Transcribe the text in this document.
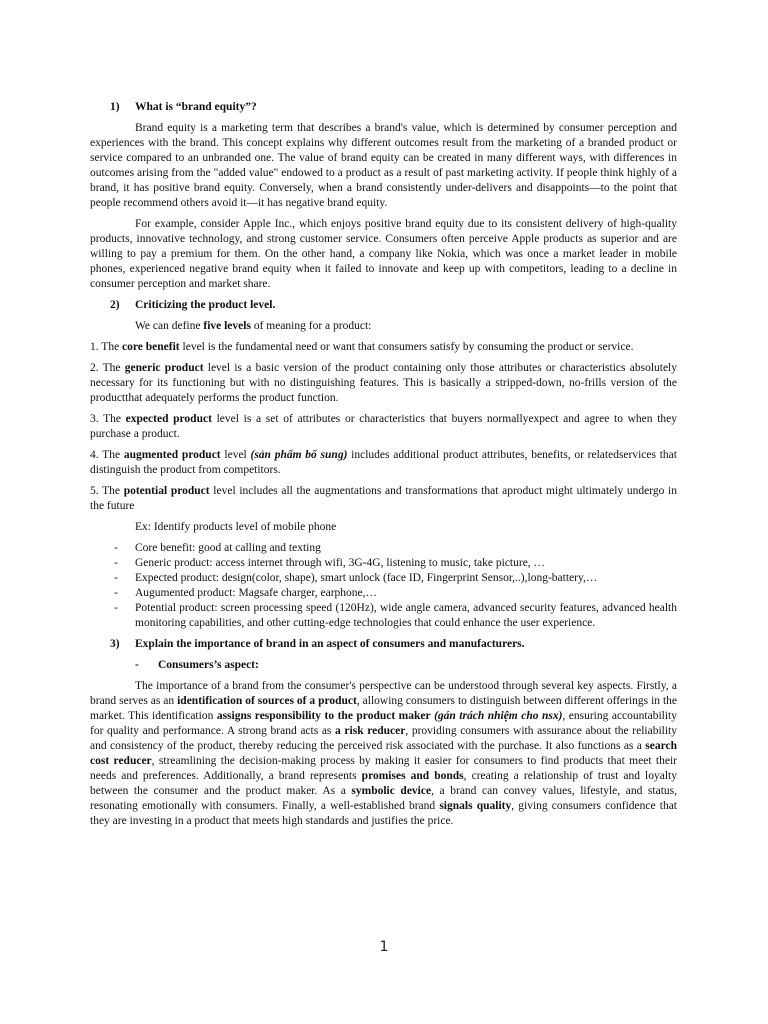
1)	What is “brand equity”?

Brand equity is a marketing term that describes a brand's value, which is determined by consumer perception and experiences with the brand. This concept explains why different outcomes result from the marketing of a branded product or service compared to an unbranded one. The value of brand equity can be created in many different ways, with differences in outcomes arising from the "added value" endowed to a product as a result of past marketing activity. If people think highly of a brand, it has positive brand equity. Conversely, when a brand consistently under-delivers and disappoints—to the point that people recommend others avoid it—it has negative brand equity.

For example, consider Apple Inc., which enjoys positive brand equity due to its consistent delivery of high-quality products, innovative technology, and strong customer service. Consumers often perceive Apple products as superior and are willing to pay a premium for them. On the other hand, a company like Nokia, which was once a market leader in mobile phones, experienced negative brand equity when it failed to innovate and keep up with competitors, leading to a decline in consumer perception and market share.

2)	Criticizing the product level.

We can define five levels of meaning for a product:

1. The core benefit level is the fundamental need or want that consumers satisfy by consuming the product or service.

2. The generic product level is a basic version of the product containing only those attributes or characteristics absolutely necessary for its functioning but with no distinguishing features. This is basically a stripped-down, no-frills version of the productthat adequately performs the product function.

3. The expected product level is a set of attributes or characteristics that buyers normallyexpect and agree to when they purchase a product.

4. The augmented product level (sản phẩm bổ sung) includes additional product attributes, benefits, or relatedservices that distinguish the product from competitors.

5. The potential product level includes all the augmentations and transformations that aproduct might ultimately undergo in the future

Ex: Identify products level of mobile phone
-	Core benefit: good at calling and texting
-	Generic product: access internet through wifi, 3G-4G, listening to music, take picture, …
-	Expected product: design(color, shape), smart unlock (face ID, Fingerprint Sensor,..),long-battery,…
-	Augumented product: Magsafe charger, earphone,…
-	Potential product: screen processing speed (120Hz), wide angle camera, advanced security features, advanced health monitoring capabilities, and other cutting-edge technologies that could enhance the user experience.
3)	Explain the importance of brand in an aspect of consumers and manufacturers.
-	Consumers’s aspect:

The importance of a brand from the consumer's perspective can be understood through several key aspects. Firstly, a brand serves as an identification of sources of a product, allowing consumers to distinguish between different offerings in the market. This identification assigns responsibility to the product maker (gán trách nhiệm cho nsx), ensuring accountability for quality and performance. A strong brand acts as a risk reducer, providing consumers with assurance about the reliability and consistency of the product, thereby reducing the perceived risk associated with the purchase. It also functions as a search cost reducer, streamlining the decision-making process by making it easier for consumers to find products that meet their needs and preferences. Additionally, a brand represents promises and bonds, creating a relationship of trust and loyalty between the consumer and the product maker. As a symbolic device, a brand can convey values, lifestyle, and status, resonating emotionally with consumers. Finally, a well-established brand signals quality, giving consumers confidence that they are investing in a product that meets high standards and justifies the price.

1
